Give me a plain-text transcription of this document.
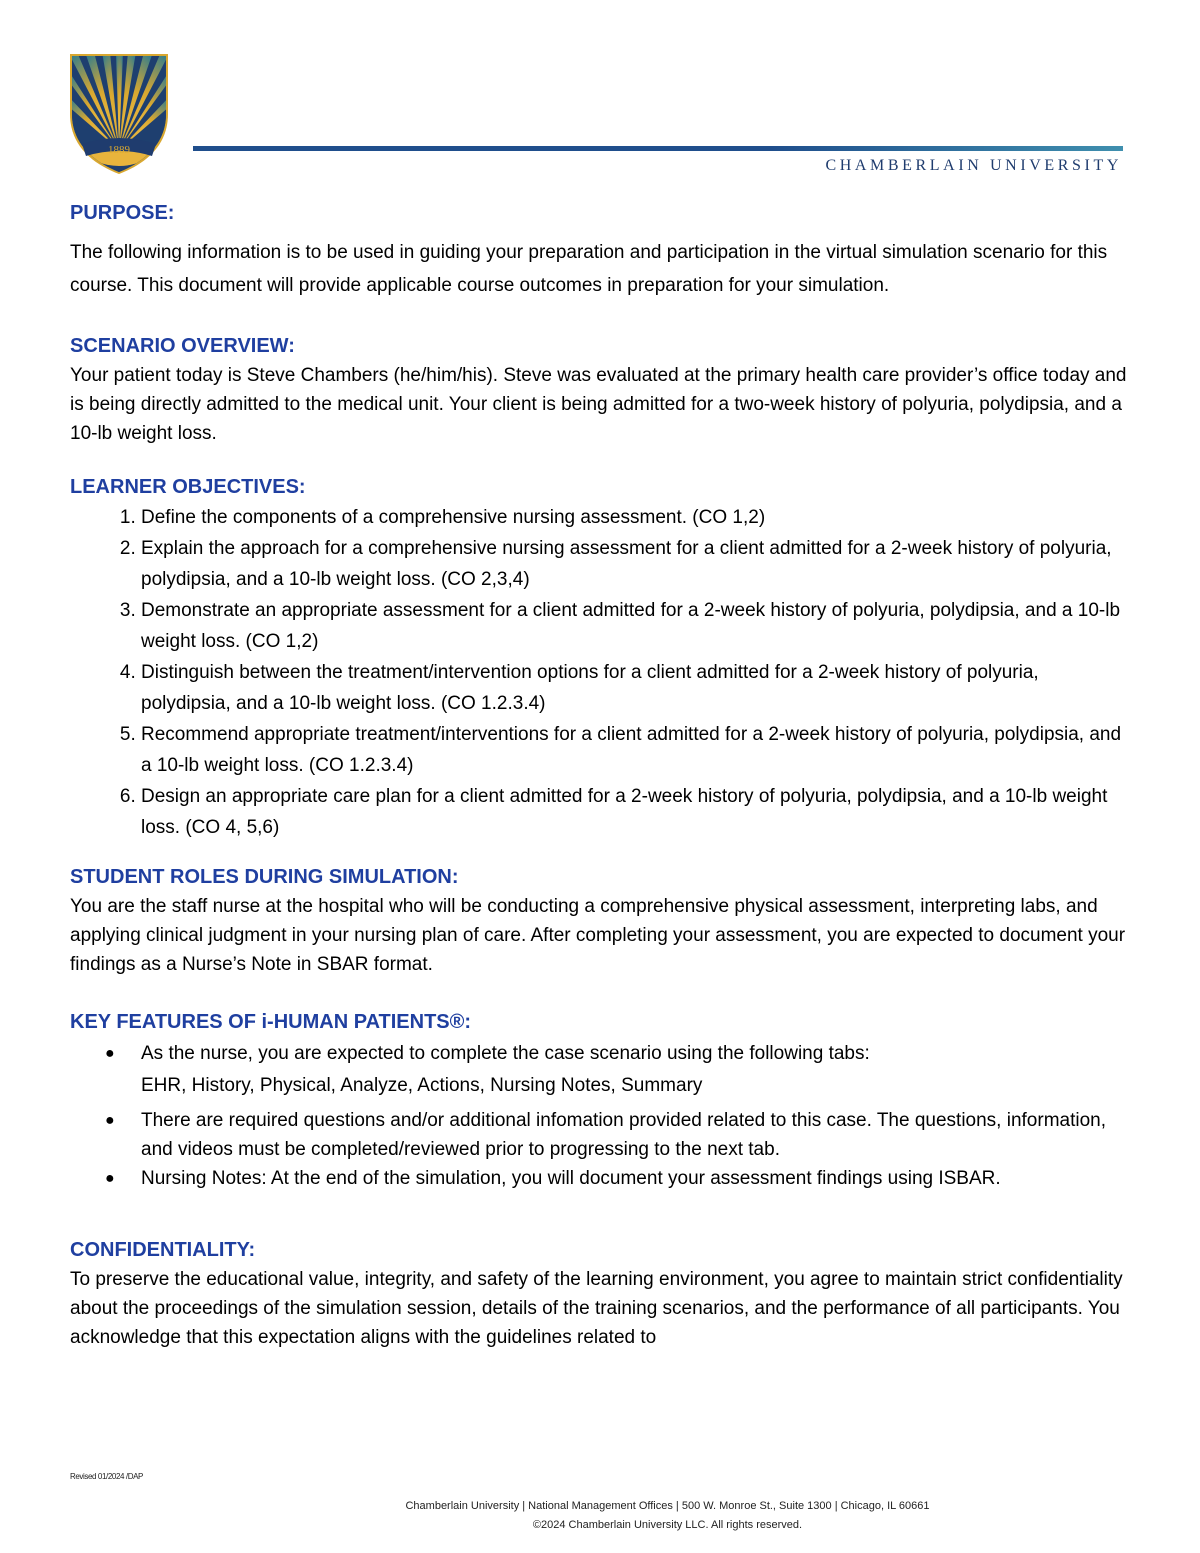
1889
CHAMBERLAIN UNIVERSITY
PURPOSE:

The following information is to be used in guiding your preparation and participation in the virtual simulation scenario for this course. This document will provide applicable course outcomes in preparation for your simulation.

SCENARIO OVERVIEW:

Your patient today is Steve Chambers (he/him/his). Steve was evaluated at the primary health care provider’s office today and is being directly admitted to the medical unit. Your client is being admitted for a two-week history of polyuria, polydipsia, and a 10-lb weight loss.

LEARNER OBJECTIVES:
1. Define the components of a comprehensive nursing assessment. (CO 1,2)
2. Explain the approach for a comprehensive nursing assessment for a client admitted for a 2-week history of polyuria, polydipsia, and a 10-lb weight loss. (CO 2,3,4)
3. Demonstrate an appropriate assessment for a client admitted for a 2-week history of polyuria, polydipsia, and a 10-lb weight loss. (CO 1,2)
4. Distinguish between the treatment/intervention options for a client admitted for a 2-week history of polyuria, polydipsia, and a 10-lb weight loss. (CO 1.2.3.4)
5. Recommend appropriate treatment/interventions for a client admitted for a 2-week history of polyuria, polydipsia, and a 10-lb weight loss. (CO 1.2.3.4)
6. Design an appropriate care plan for a client admitted for a 2-week history of polyuria, polydipsia, and a 10-lb weight loss. (CO 4, 5,6)
STUDENT ROLES DURING SIMULATION:

You are the staff nurse at the hospital who will be conducting a comprehensive physical assessment, interpreting labs, and applying clinical judgment in your nursing plan of care. After completing your assessment, you are expected to document your findings as a Nurse’s Note in SBAR format.

KEY FEATURES OF i-HUMAN PATIENTS®:
● As the nurse, you are expected to complete the case scenario using the following tabs:
EHR, History, Physical, Analyze, Actions, Nursing Notes, Summary
● There are required questions and/or additional infomation provided related to this case. The questions, information, and videos must be completed/reviewed prior to progressing to the next tab.
● Nursing Notes: At the end of the simulation, you will document your assessment findings using ISBAR.
CONFIDENTIALITY:

To preserve the educational value, integrity, and safety of the learning environment, you agree to maintain strict confidentiality about the proceedings of the simulation session, details of the training scenarios, and the performance of all participants. You acknowledge that this expectation aligns with the guidelines related to

Revised 01/2024 /DAP
Chamberlain University | National Management Offices | 500 W. Monroe St., Suite 1300 | Chicago, IL 60661
©2024 Chamberlain University LLC. All rights reserved.
